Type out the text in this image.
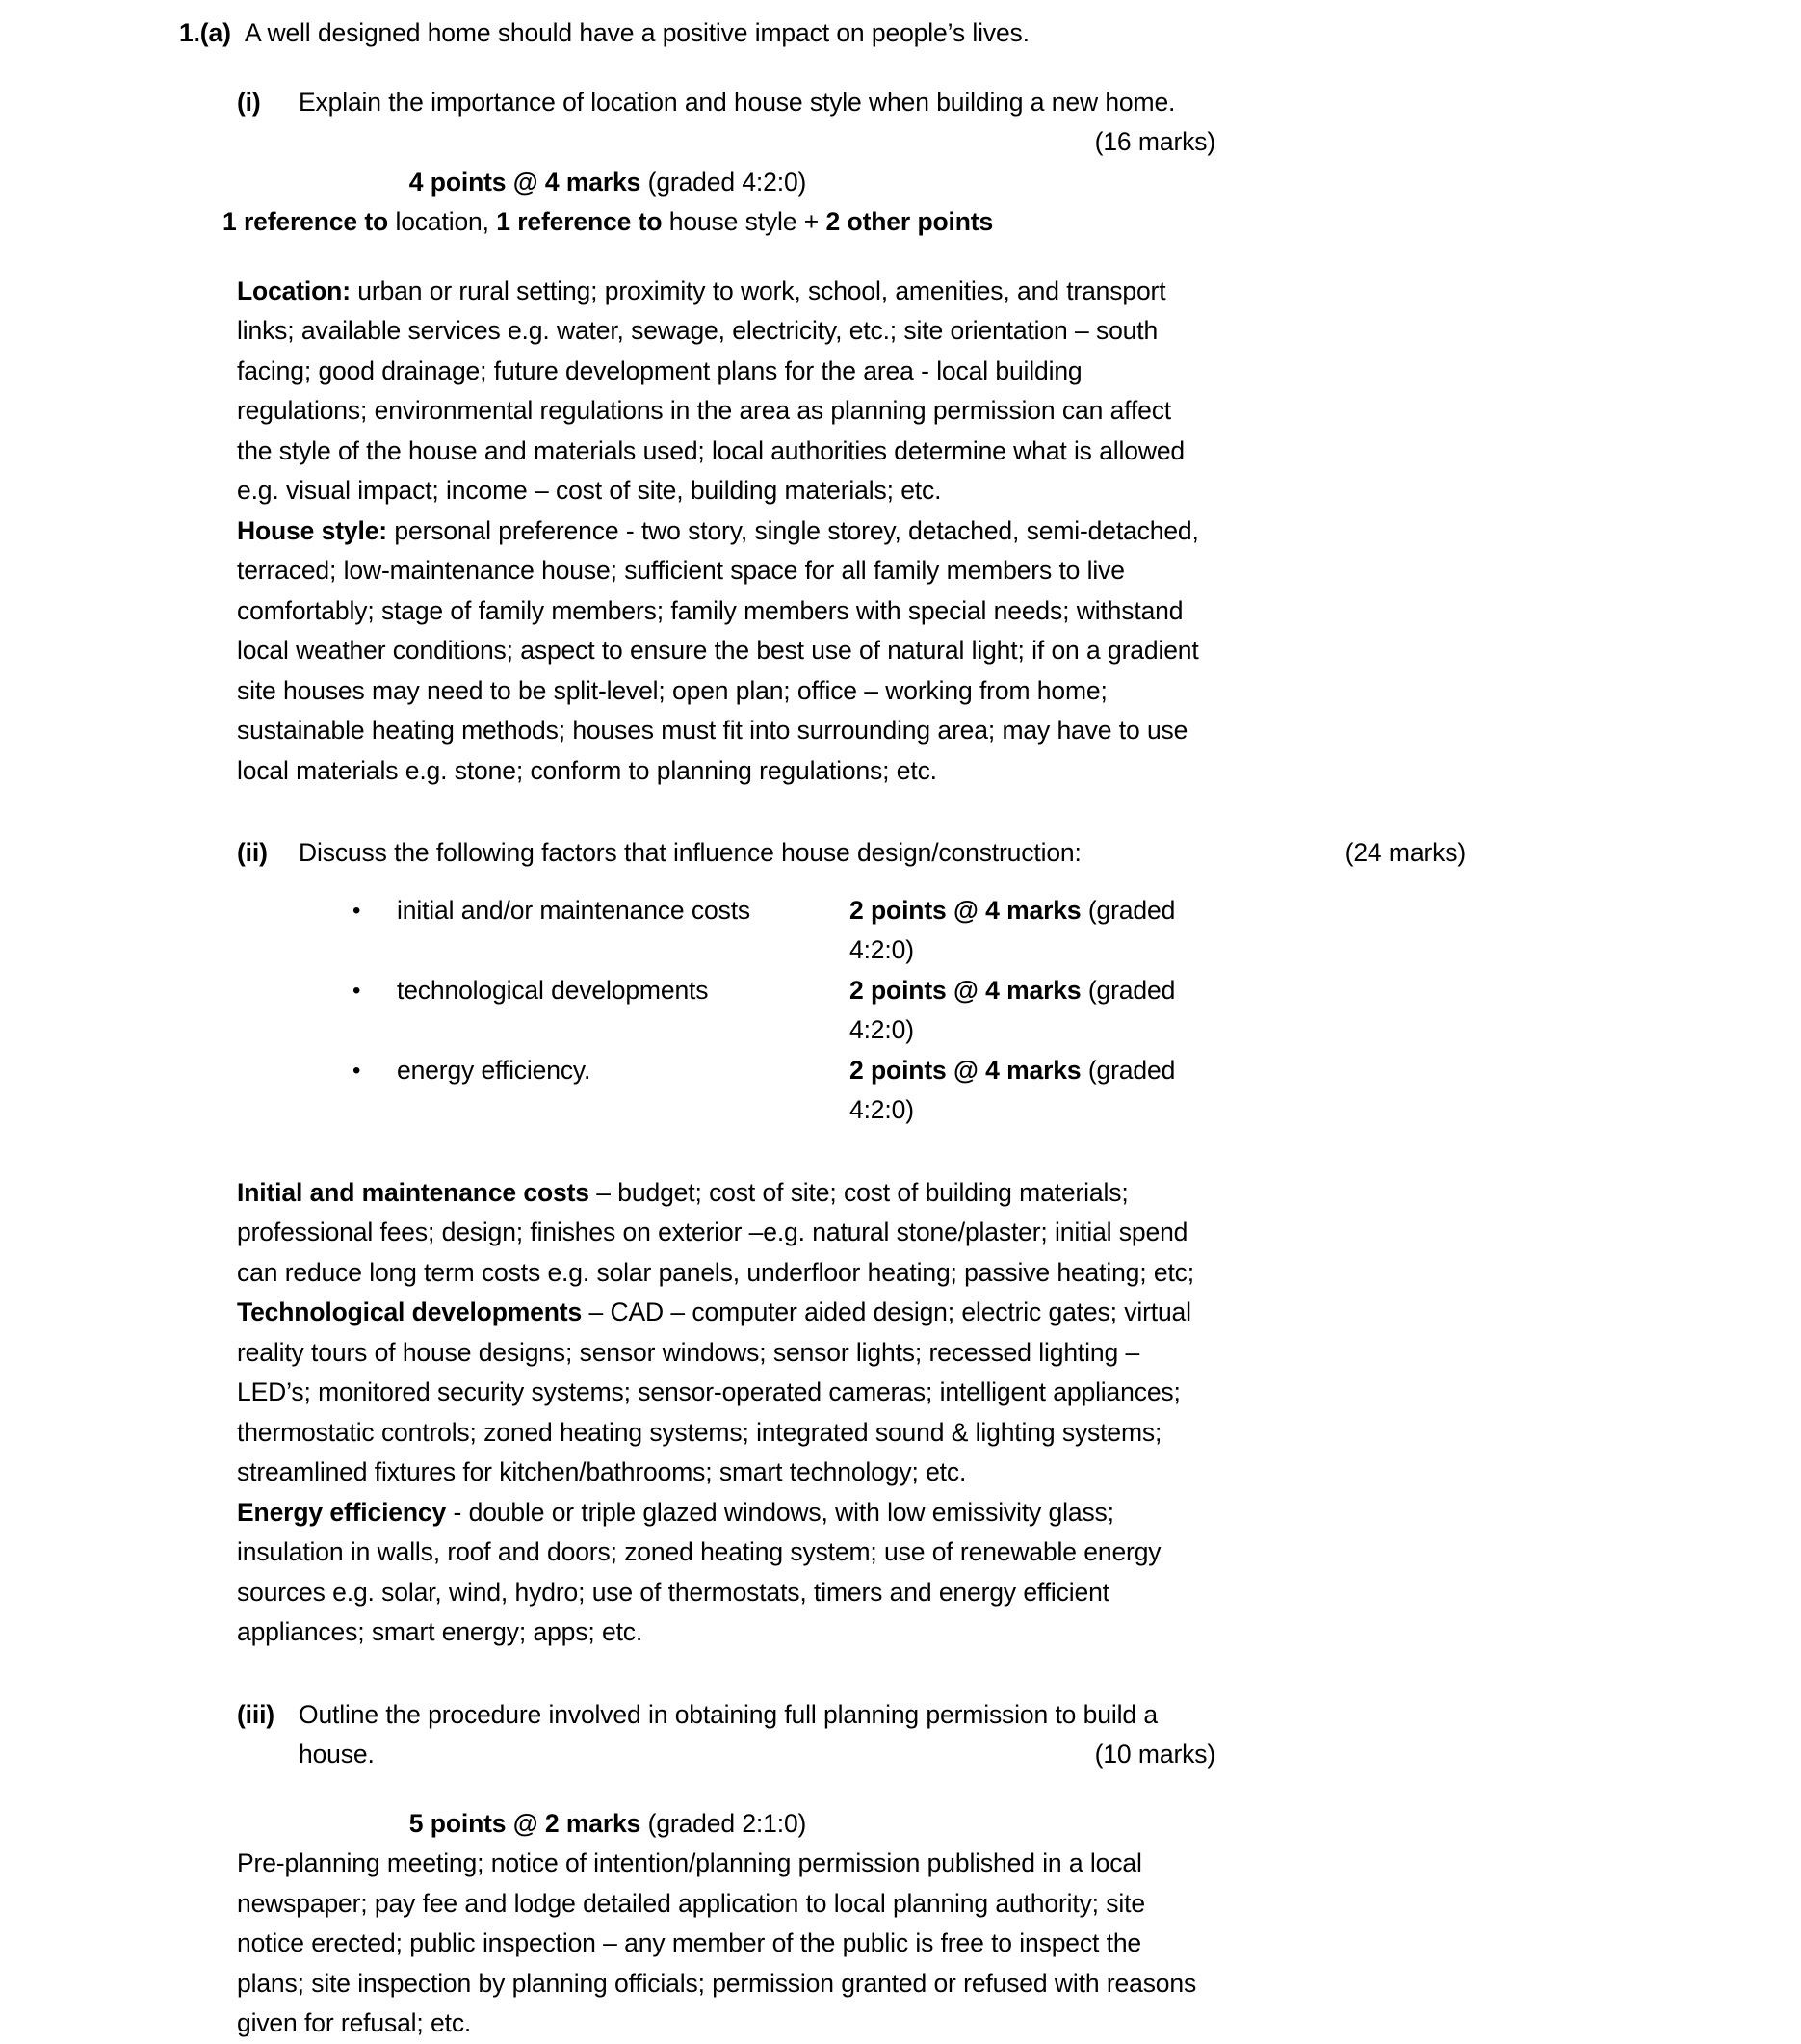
1.(a) A well designed home should have a positive impact on people’s lives.
(i)	Explain the importance of location and house style when building a new home.
(16 marks)
4 points @ 4 marks (graded 4:2:0)
1 reference to location, 1 reference to house style + 2 other points
Location: urban or rural setting; proximity to work, school, amenities, and transport links; available services e.g. water, sewage, electricity, etc.; site orientation – south facing; good drainage; future development plans for the area - local building regulations; environmental regulations in the area as planning permission can affect the style of the house and materials used; local authorities determine what is allowed e.g. visual impact; income – cost of site, building materials; etc.
House style: personal preference - two story, single storey, detached, semi-detached, terraced; low-maintenance house; sufficient space for all family members to live comfortably; stage of family members; family members with special needs; withstand local weather conditions; aspect to ensure the best use of natural light; if on a gradient site houses may need to be split-level; open plan; office – working from home; sustainable heating methods; houses must fit into surrounding area; may have to use local materials e.g. stone; conform to planning regulations; etc.
(ii)	Discuss the following factors that influence house design/construction:	(24 marks)
•	initial and/or maintenance costs	2 points @ 4 marks (graded 4:2:0)
•	technological developments	2 points @ 4 marks (graded 4:2:0)
•	energy efficiency.	2 points @ 4 marks (graded 4:2:0)
Initial and maintenance costs – budget; cost of site; cost of building materials; professional fees; design; finishes on exterior –e.g. natural stone/plaster; initial spend can reduce long term costs e.g. solar panels, underfloor heating; passive heating; etc;
Technological developments – CAD – computer aided design; electric gates; virtual reality tours of house designs; sensor windows; sensor lights; recessed lighting – LED’s; monitored security systems; sensor-operated cameras; intelligent appliances; thermostatic controls; zoned heating systems; integrated sound & lighting systems; streamlined fixtures for kitchen/bathrooms; smart technology; etc.
Energy efficiency - double or triple glazed windows, with low emissivity glass; insulation in walls, roof and doors; zoned heating system; use of renewable energy sources e.g. solar, wind, hydro; use of thermostats, timers and energy efficient appliances; smart energy; apps; etc.
(iii) Outline the procedure involved in obtaining full planning permission to build a
house.	(10 marks)
5 points @ 2 marks (graded 2:1:0)
Pre-planning meeting; notice of intention/planning permission published in a local newspaper; pay fee and lodge detailed application to local planning authority; site notice erected; public inspection – any member of the public is free to inspect the plans; site inspection by planning officials; permission granted or refused with reasons given for refusal; etc.
